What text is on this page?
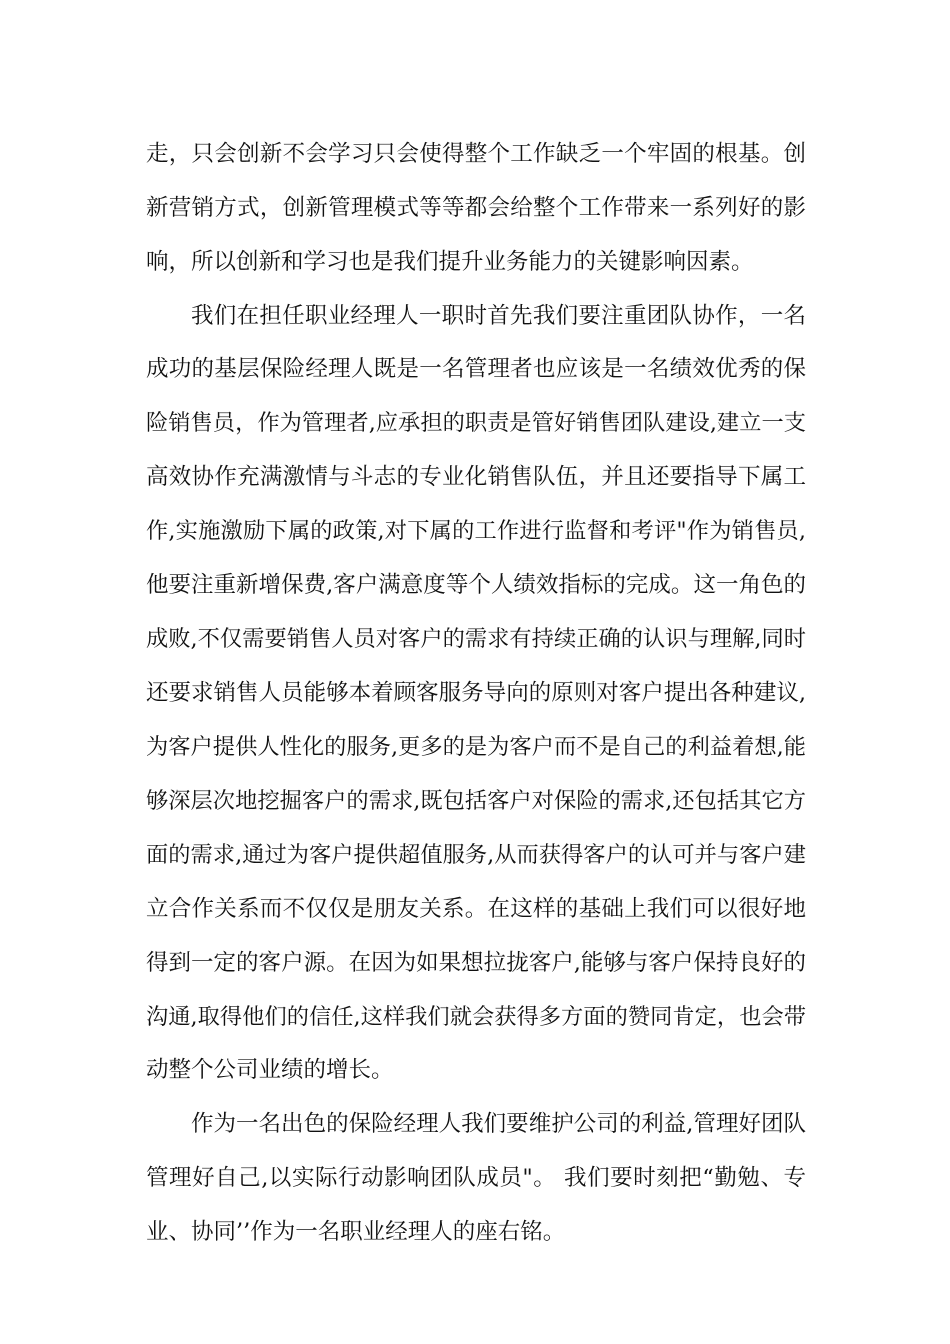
走，只会创新不会学习只会使得整个工作缺乏一个牢固的根基。创
新营销方式，创新管理模式等等都会给整个工作带来一系列好的影
响，所以创新和学习也是我们提升业务能力的关键影响因素。
我们在担任职业经理人一职时首先我们要注重团队协作，一名
成功的基层保险经理人既是一名管理者也应该是一名绩效优秀的保
险销售员，作为管理者,应承担的职责是管好销售团队建设,建立一支
高效协作充满激情与斗志的专业化销售队伍，并且还要指导下属工
作,实施激励下属的政策,对下属的工作进行监督和考评"作为销售员,
他要注重新增保费,客户满意度等个人绩效指标的完成。这一角色的
成败,不仅需要销售人员对客户的需求有持续正确的认识与理解,同时
还要求销售人员能够本着顾客服务导向的原则对客户提出各种建议,
为客户提供人性化的服务,更多的是为客户而不是自己的利益着想,能
够深层次地挖掘客户的需求,既包括客户对保险的需求,还包括其它方
面的需求,通过为客户提供超值服务,从而获得客户的认可并与客户建
立合作关系而不仅仅是朋友关系。在这样的基础上我们可以很好地
得到一定的客户源。在因为如果想拉拢客户,能够与客户保持良好的
沟通,取得他们的信任,这样我们就会获得多方面的赞同肯定，也会带
动整个公司业绩的增长。
作为一名出色的保险经理人我们要维护公司的利益,管理好团队
管理好自己,以实际行动影响团队成员"。 我们要时刻把“勤勉、专
业、协同’’作为一名职业经理人的座右铭。
